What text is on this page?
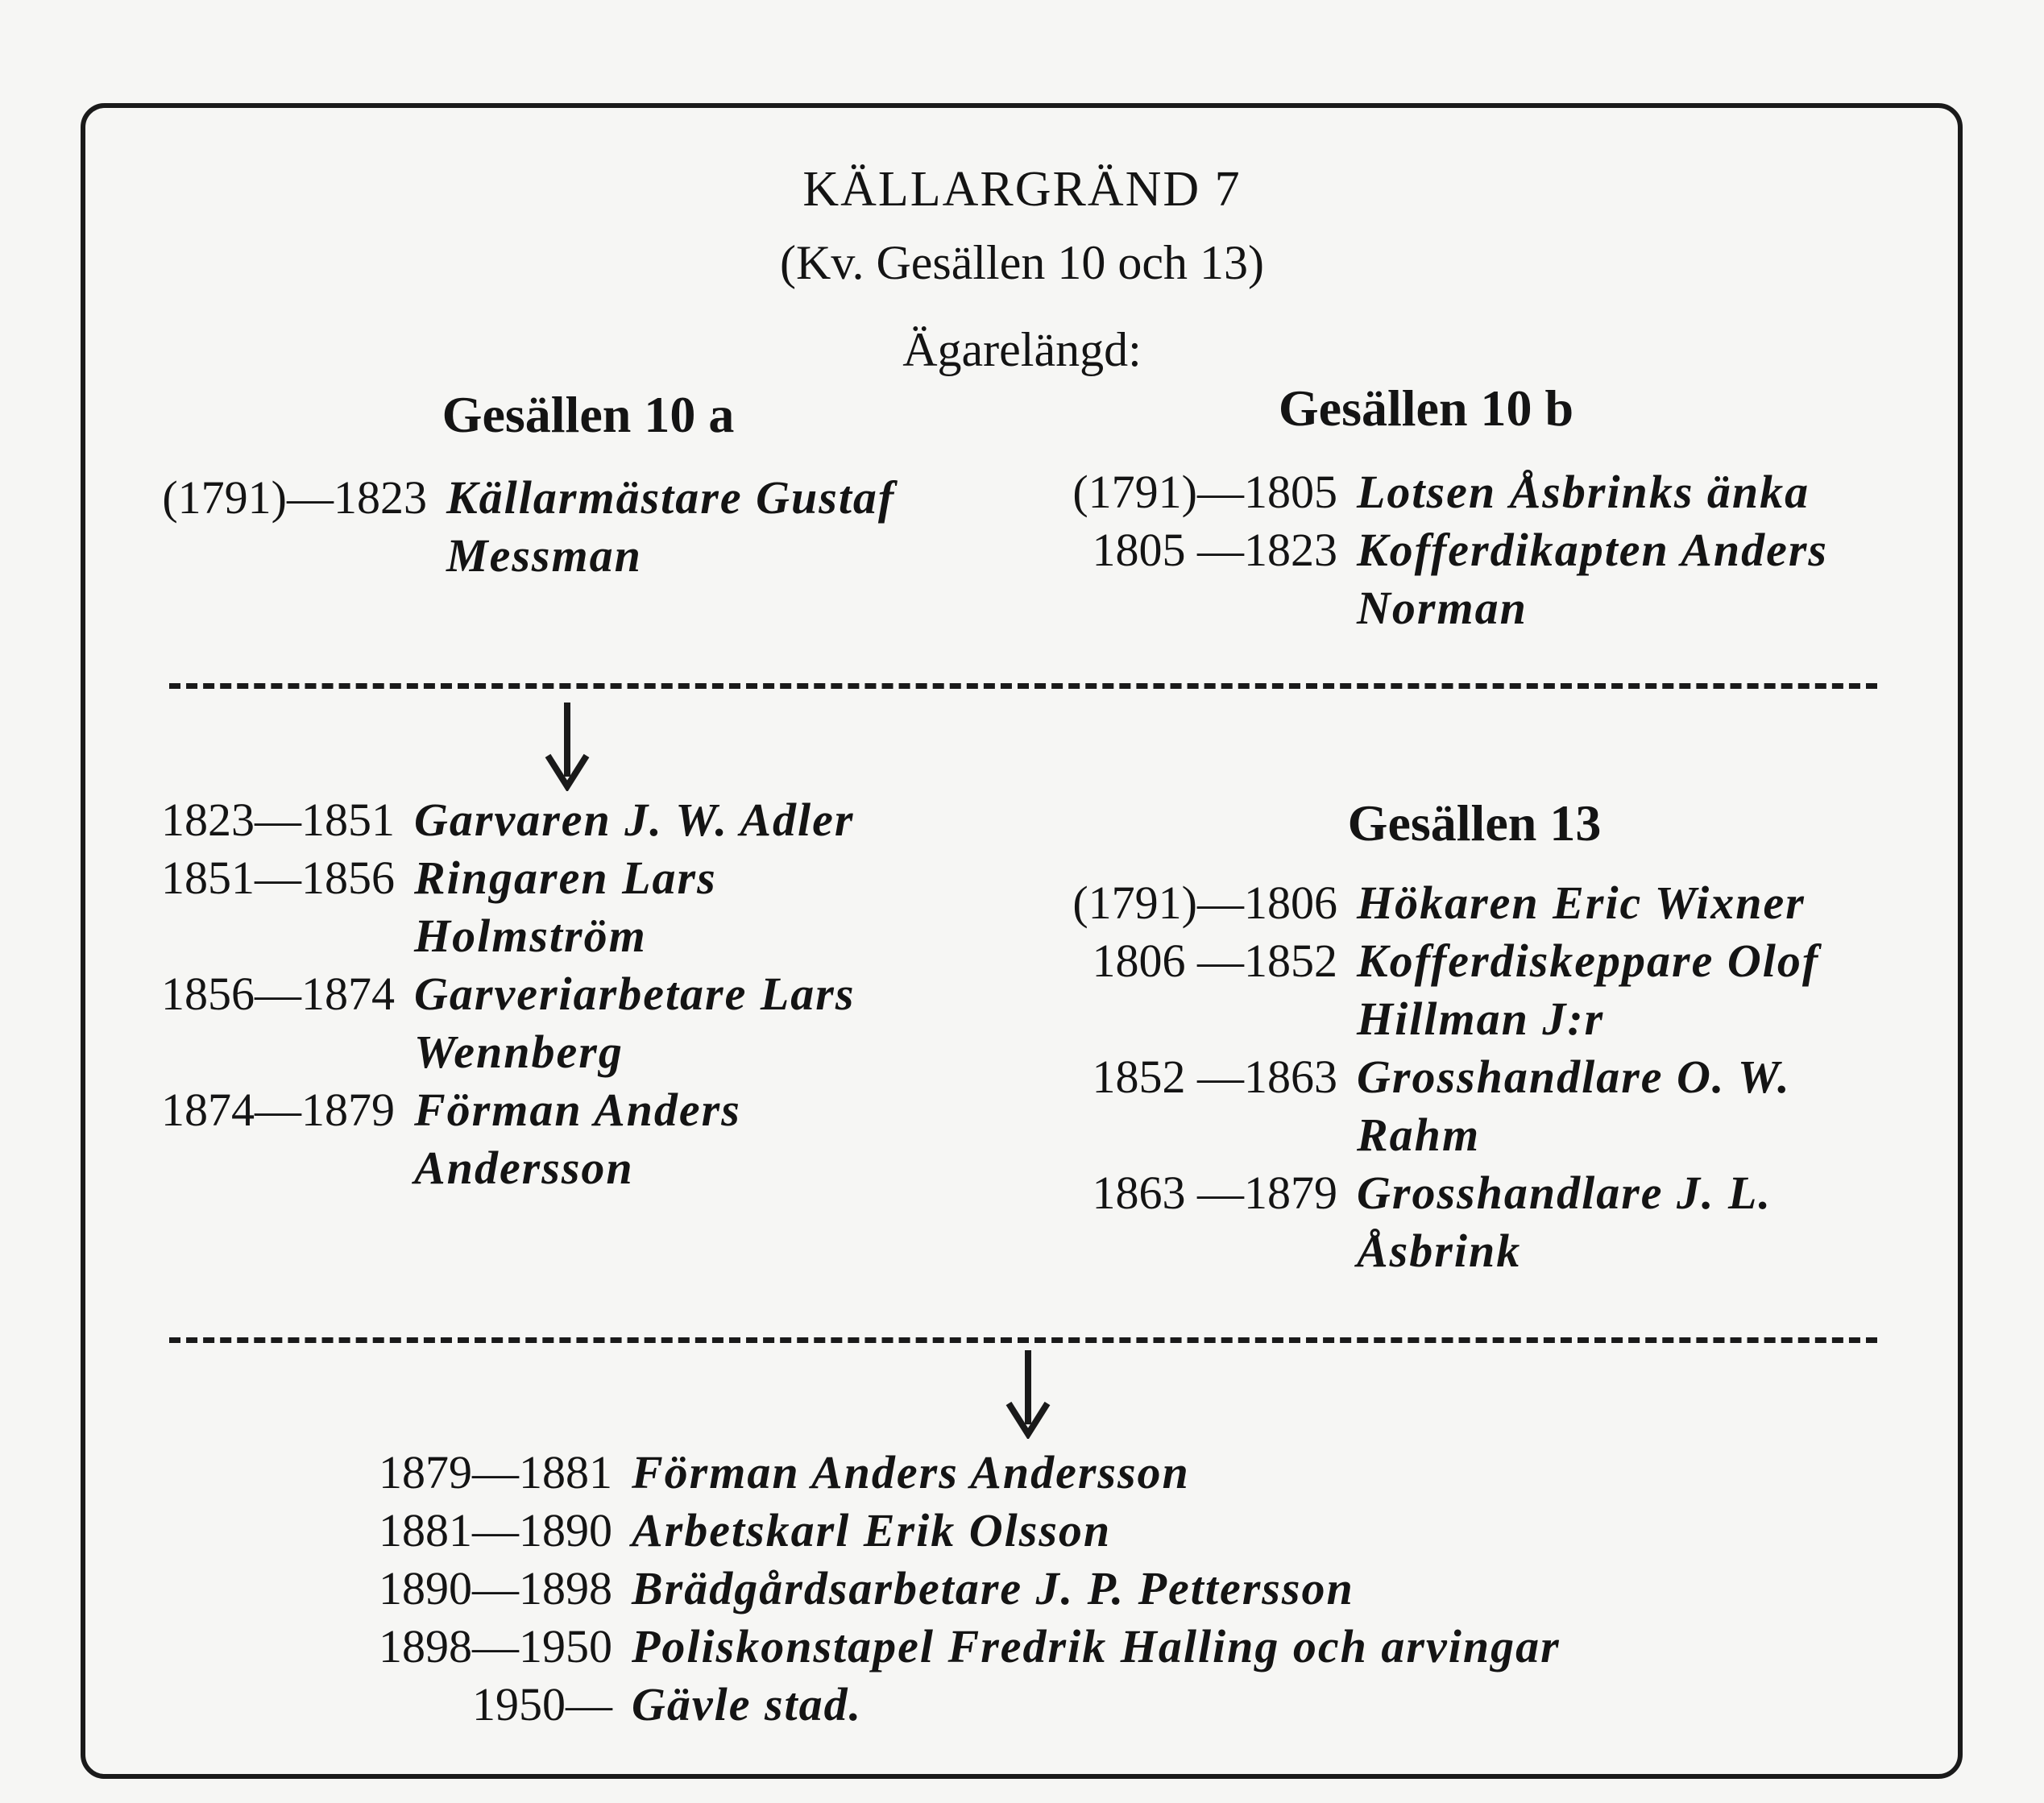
KÄLLARGRÄND 7
(Kv. Gesällen 10 och 13)
Ägarelängd:
Gesällen 10 a	Gesällen 10 b
(1791)—1823 Källarmästare Gustaf Messman
(1791)—1805 Lotsen Åsbrinks änka
1805 —1823 Kofferdikapten Anders Norman
1823—1851 Garvaren J. W. Adler
1851—1856 Ringaren Lars Holmström
1856—1874 Garveriarbetare Lars Wennberg
1874—1879 Förman Anders Andersson
Gesällen 13
(1791)—1806 Hökaren Eric Wixner
1806 —1852 Kofferdiskeppare Olof Hillman J:r
1852 —1863 Grosshandlare O. W. Rahm
1863 —1879 Grosshandlare J. L. Åsbrink
1879—1881 Förman Anders Andersson
1881—1890 Arbetskarl Erik Olsson
1890—1898 Brädgårdsarbetare J. P. Pettersson
1898—1950 Poliskonstapel Fredrik Halling och arvingar
1950— Gävle stad.
